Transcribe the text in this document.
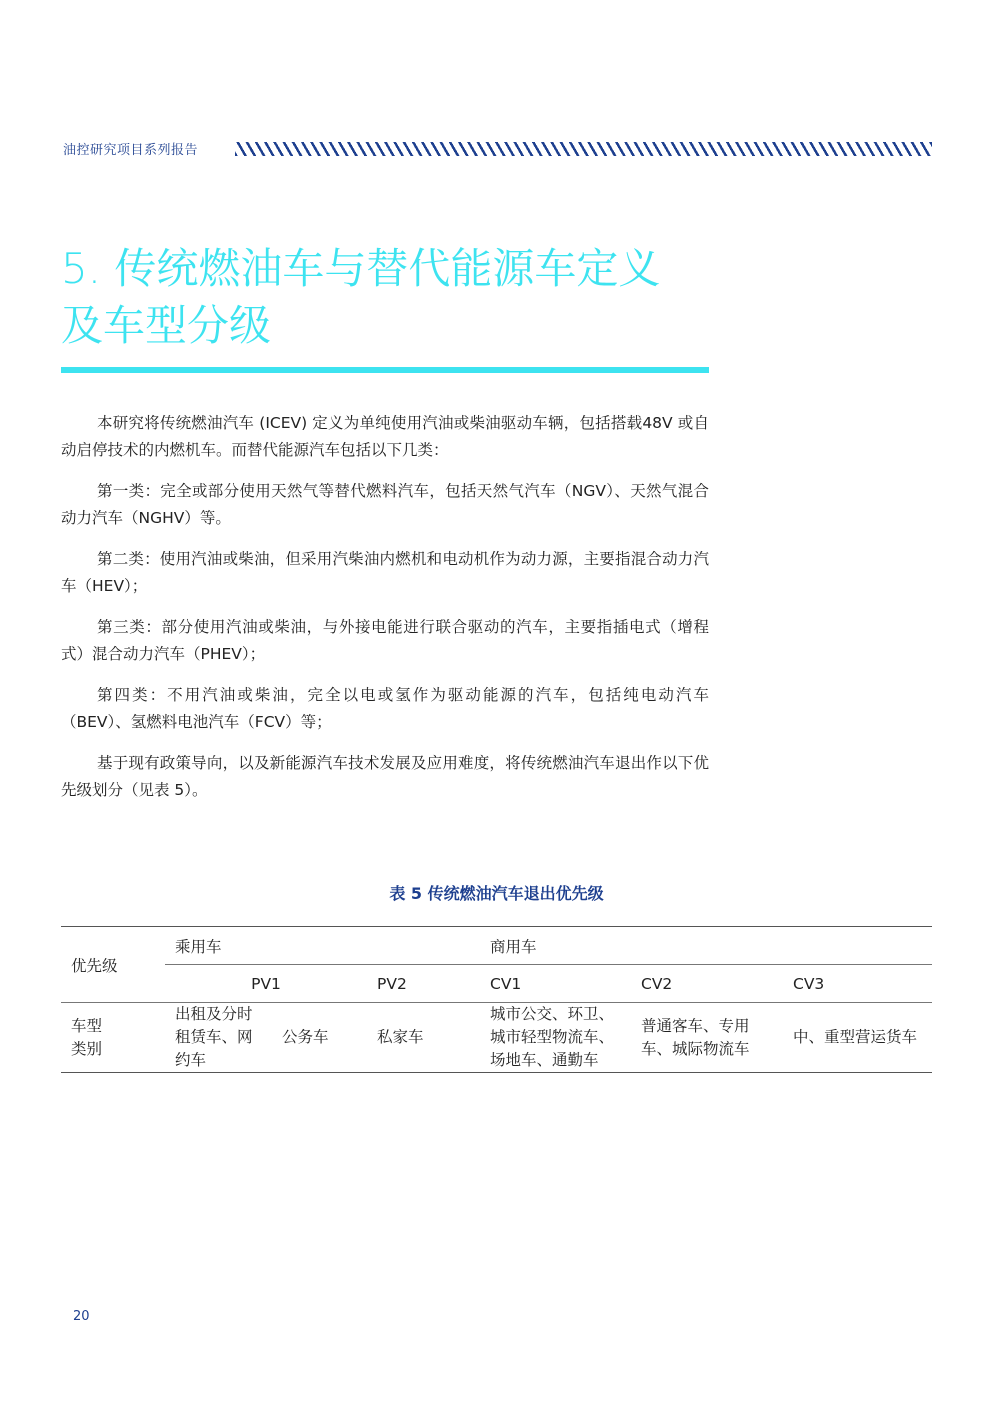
油控研究项目系列报告
5. 传统燃油车与替代能源车定义
及车型分级

本研究将传统燃油汽车 (ICEV) 定义为单纯使用汽油或柴油驱动车辆，包括搭载48V 或自动启停技术的内燃机车。而替代能源汽车包括以下几类：

第一类：完全或部分使用天然气等替代燃料汽车，包括天然气汽车（NGV）、天然气混合动力汽车（NGHV）等。

第二类：使用汽油或柴油，但采用汽柴油内燃机和电动机作为动力源，主要指混合动力汽车（HEV）；

第三类：部分使用汽油或柴油，与外接电能进行联合驱动的汽车，主要指插电式（增程式）混合动力汽车（PHEV）；

第四类：不用汽油或柴油，完全以电或氢作为驱动能源的汽车，包括纯电动汽车（BEV）、氢燃料电池汽车（FCV）等；

基于现有政策导向，以及新能源汽车技术发展及应用难度，将传统燃油汽车退出作以下优先级划分（见表 5）。

表 5 传统燃油汽车退出优先级
优先级	乘用车			商用车		
	PV1		PV2	CV1	CV2	CV3

车型
类别	出租及分时租赁车、网约车	公务车	私家车	城市公交、环卫、城市轻型物流车、场地车、通勤车	普通客车、专用车、城际物流车	中、重型营运货车
20
